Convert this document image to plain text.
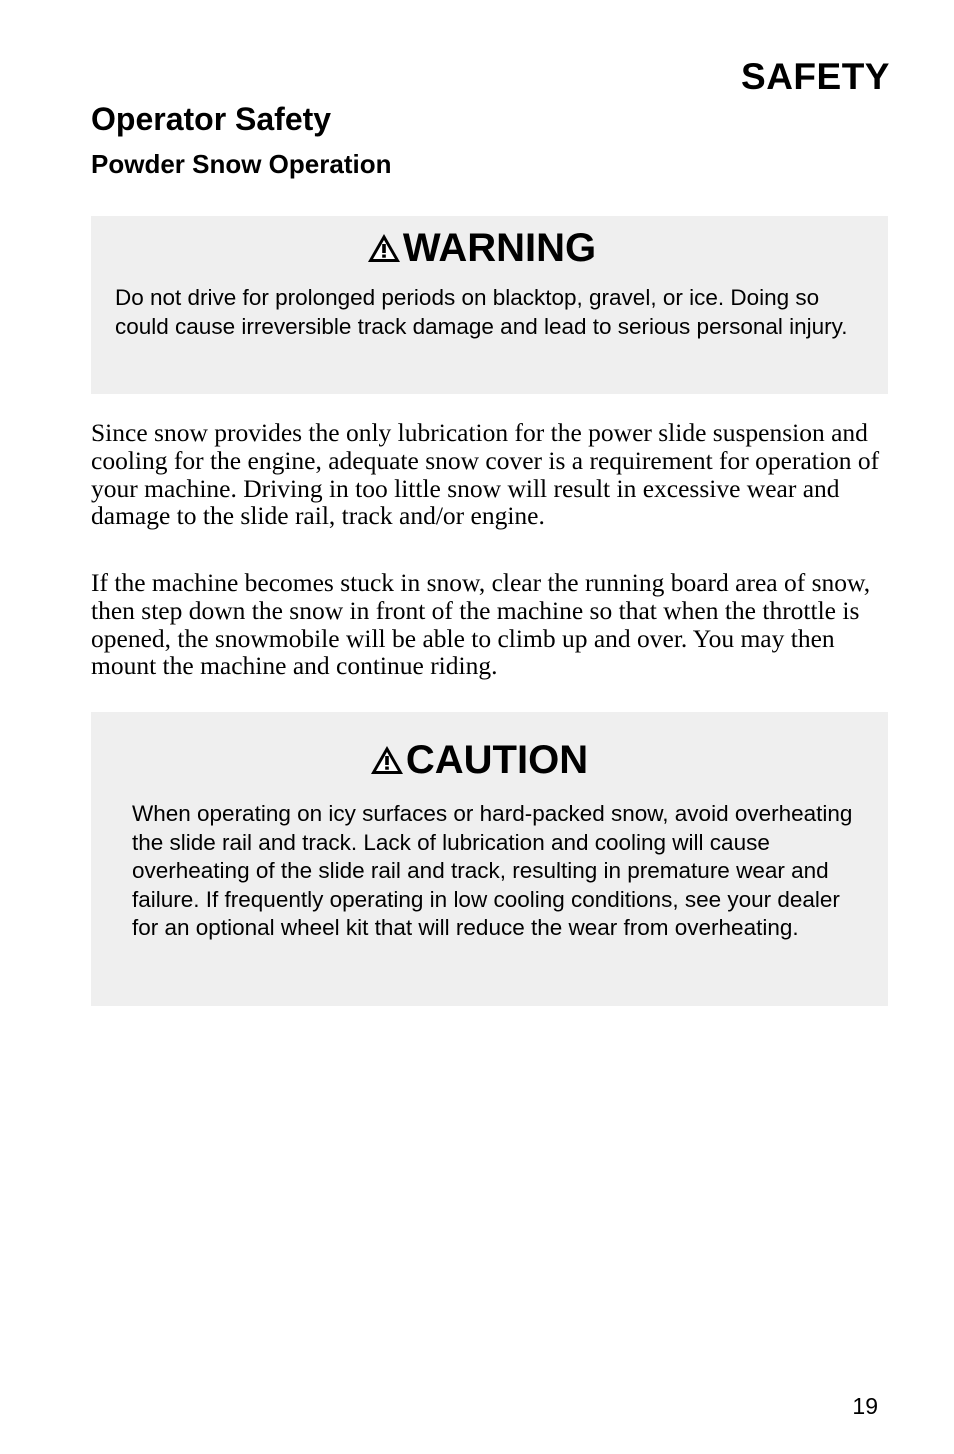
SAFETY
Operator Safety
Powder Snow Operation
WARNING
Do not drive for prolonged periods on blacktop, gravel, or ice. Doing so could cause irreversible track damage and lead to serious personal injury.

Since snow provides the only lubrication for the power slide suspension and cooling for the engine, adequate snow cover is a requirement for operation of your machine. Driving in too little snow will result in excessive wear and damage to the slide rail, track and/or engine.

If the machine becomes stuck in snow, clear the running board area of snow, then step down the snow in front of the machine so that when the throttle is opened, the snowmobile will be able to climb up and over. You may then mount the machine and continue riding.

CAUTION
When operating on icy surfaces or hard-packed snow, avoid overheating the slide rail and track. Lack of lubrication and cooling will cause overheating of the slide rail and track, resulting in premature wear and failure. If frequently operating in low cooling conditions, see your dealer for an optional wheel kit that will reduce the wear from overheating.
19
